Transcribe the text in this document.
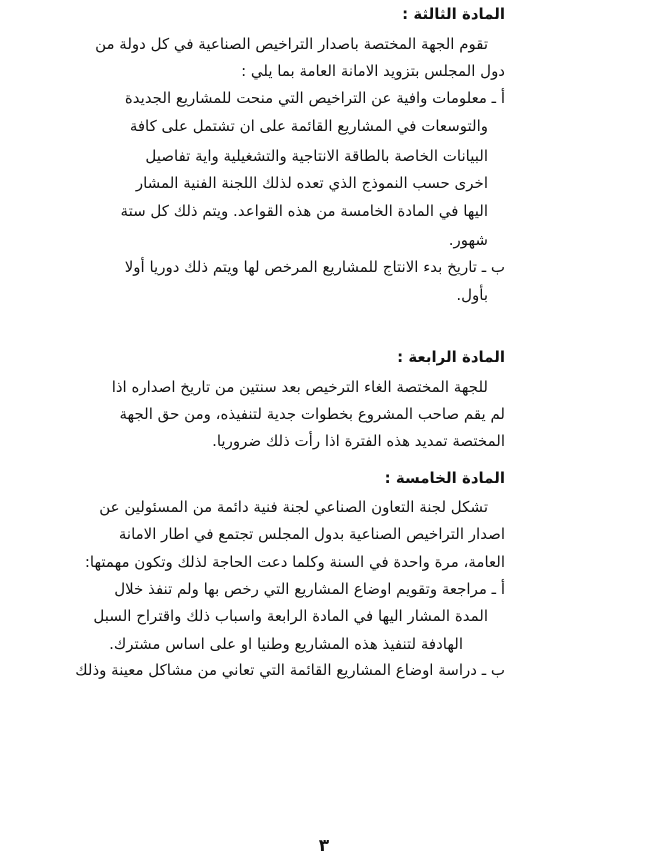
المادة الثالثة :
تقوم الجهة المختصة باصدار التراخيص الصناعية في كل دولة من
دول المجلس بتزويد الامانة العامة بما يلي :
أ ـ معلومات وافية عن التراخيص التي منحت للمشاريع الجديدة
والتوسعات في المشاريع القائمة على ان تشتمل على كافة
البيانات الخاصة بالطاقة الانتاجية والتشغيلية واية تفاصيل
اخرى حسب النموذج الذي تعده لذلك اللجنة الفنية المشار
اليها في المادة الخامسة من هذه القواعد. ويتم ذلك كل ستة
شهور.
ب ـ تاريخ بدء الانتاج للمشاريع المرخص لها ويتم ذلك دوريا أولا
بأول.
المادة الرابعة :
للجهة المختصة الغاء الترخيص بعد سنتين من تاريخ اصداره اذا
لم يقم صاحب المشروع بخطوات جدية لتنفيذه، ومن حق الجهة
المختصة تمديد هذه الفترة اذا رأت ذلك ضروريا.
المادة الخامسة :
تشكل لجنة التعاون الصناعي لجنة فنية دائمة من المسئولين عن
اصدار التراخيص الصناعية بدول المجلس تجتمع في اطار الامانة
العامة، مرة واحدة في السنة وكلما دعت الحاجة لذلك وتكون مهمتها:
أ ـ مراجعة وتقويم اوضاع المشاريع التي رخص بها ولم تنفذ خلال
المدة المشار اليها في المادة الرابعة واسباب ذلك واقتراح السبل
الهادفة لتنفيذ هذه المشاريع وطنيا او على اساس مشترك.
ب ـ دراسة اوضاع المشاريع القائمة التي تعاني من مشاكل معينة وذلك
٣
